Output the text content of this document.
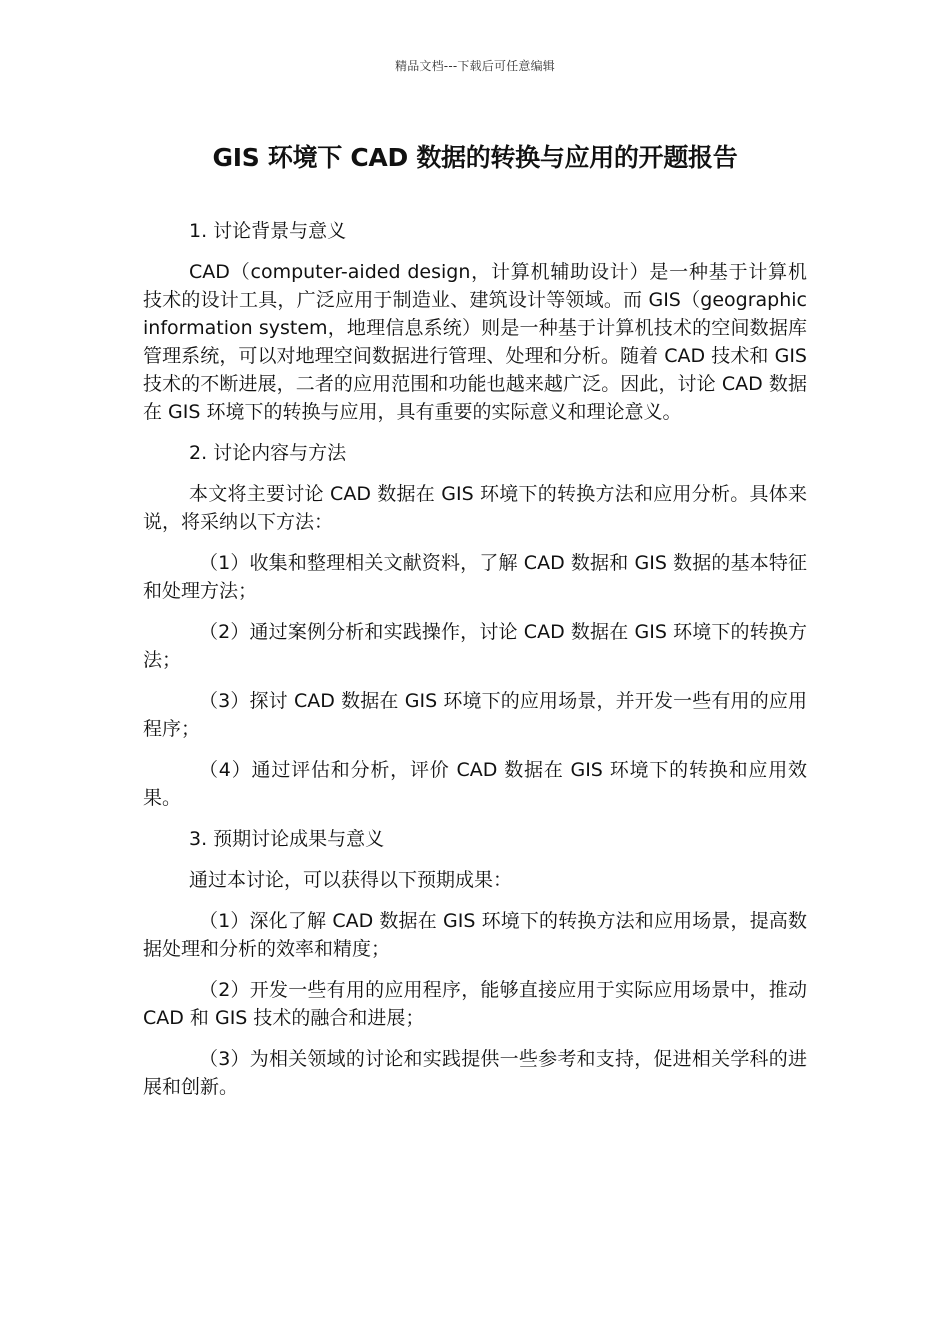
精品文档---下载后可任意编辑
GIS 环境下 CAD 数据的转换与应用的开题报告

1. 讨论背景与意义

CAD（computer-aided design，计算机辅助设计）是一种基于计算机技术的设计工具，广泛应用于制造业、建筑设计等领域。而 GIS（geographic information system，地理信息系统）则是一种基于计算机技术的空间数据库管理系统，可以对地理空间数据进行管理、处理和分析。随着 CAD 技术和 GIS 技术的不断进展，二者的应用范围和功能也越来越广泛。因此，讨论 CAD 数据在 GIS 环境下的转换与应用，具有重要的实际意义和理论意义。

2. 讨论内容与方法

本文将主要讨论 CAD 数据在 GIS 环境下的转换方法和应用分析。具体来说，将采纳以下方法：

（1）收集和整理相关文献资料，了解 CAD 数据和 GIS 数据的基本特征和处理方法；

（2）通过案例分析和实践操作，讨论 CAD 数据在 GIS 环境下的转换方法；

（3）探讨 CAD 数据在 GIS 环境下的应用场景，并开发一些有用的应用程序；

（4）通过评估和分析，评价 CAD 数据在 GIS 环境下的转换和应用效果。

3. 预期讨论成果与意义

通过本讨论，可以获得以下预期成果：

（1）深化了解 CAD 数据在 GIS 环境下的转换方法和应用场景，提高数据处理和分析的效率和精度；

（2）开发一些有用的应用程序，能够直接应用于实际应用场景中，推动 CAD 和 GIS 技术的融合和进展；

（3）为相关领域的讨论和实践提供一些参考和支持，促进相关学科的进展和创新。
